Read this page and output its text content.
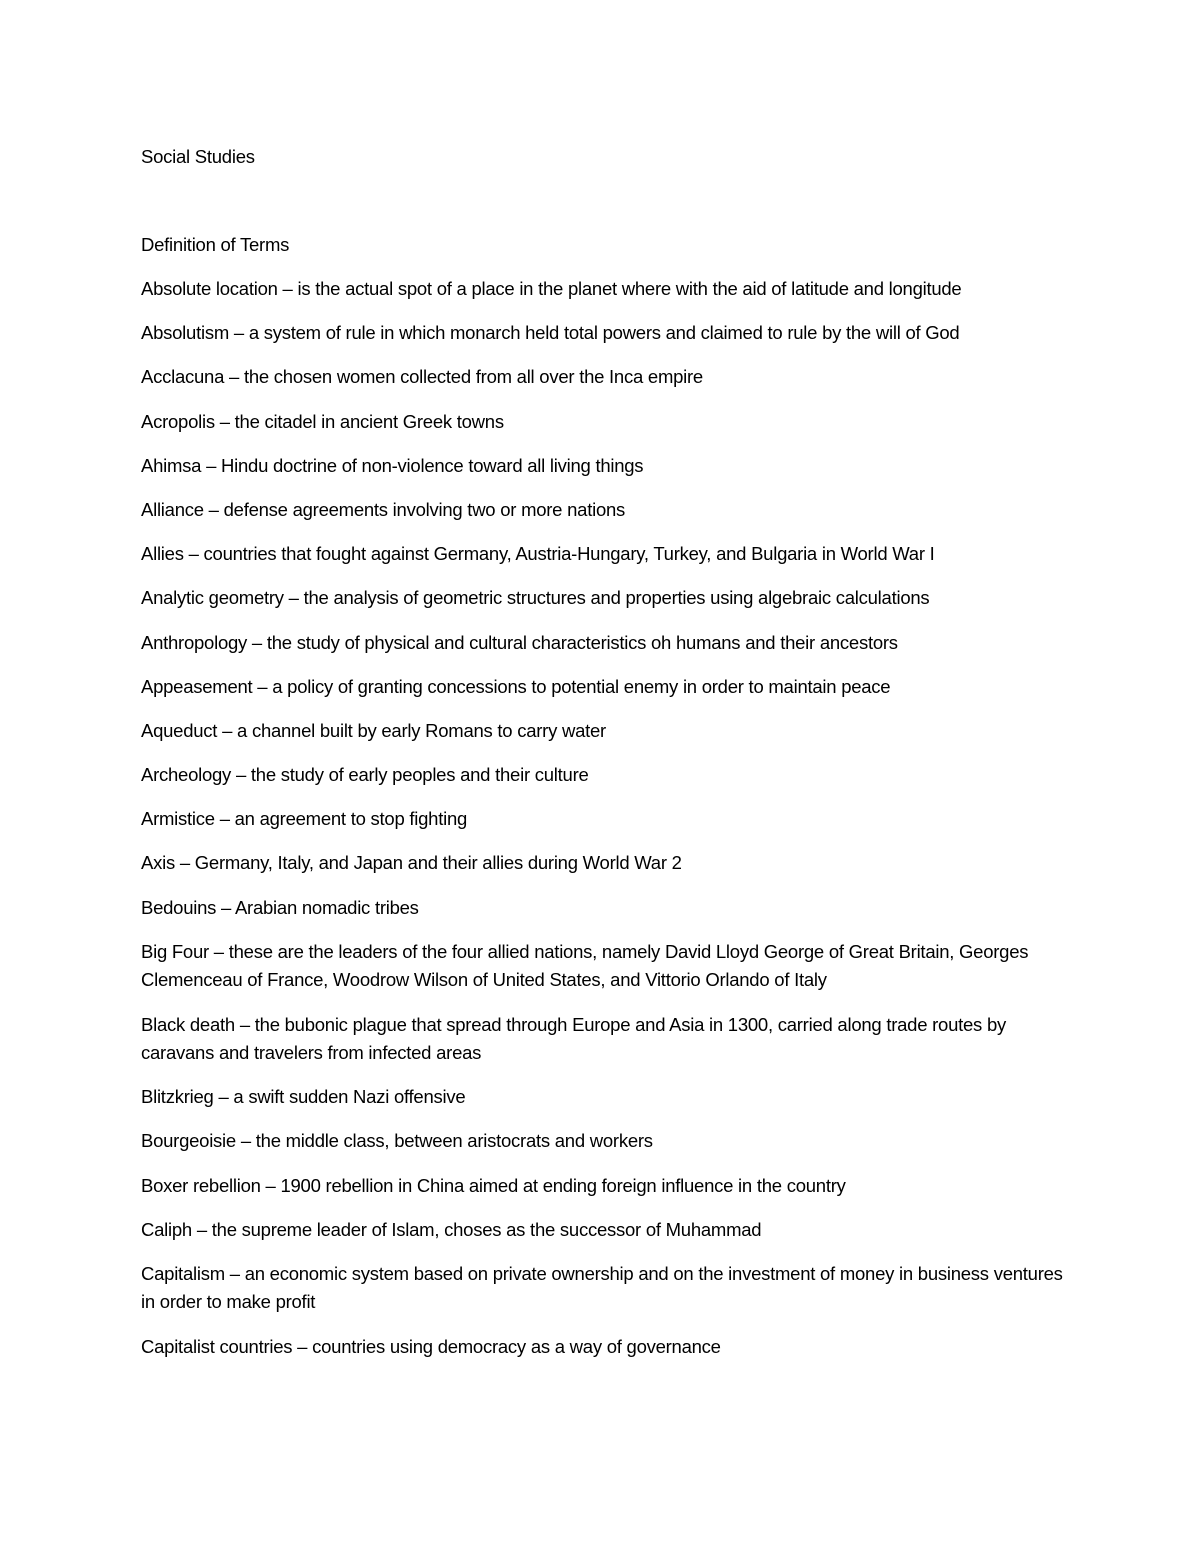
Social Studies
Definition of Terms
Absolute location – is the actual spot of a place in the planet where with the aid of latitude and longitude
Absolutism – a system of rule in which monarch held total powers and claimed to rule by the will of God
Acclacuna – the chosen women collected from all over the Inca empire
Acropolis – the citadel in ancient Greek towns
Ahimsa – Hindu doctrine of non-violence toward all living things
Alliance – defense agreements involving two or more nations
Allies – countries that fought against Germany, Austria-Hungary, Turkey, and Bulgaria in World War I
Analytic geometry – the analysis of geometric structures and properties using algebraic calculations
Anthropology – the study of physical and cultural characteristics oh humans and their ancestors
Appeasement – a policy of granting concessions to potential enemy in order to maintain peace
Aqueduct – a channel built by early Romans to carry water
Archeology – the study of early peoples and their culture
Armistice – an agreement to stop fighting
Axis – Germany, Italy, and Japan and their allies during World War 2
Bedouins – Arabian nomadic tribes
Big Four – these are the leaders of the four allied nations, namely David Lloyd George of Great Britain, Georges Clemenceau of France, Woodrow Wilson of United States, and Vittorio Orlando of Italy
Black death – the bubonic plague that spread through Europe and Asia in 1300, carried along trade routes by caravans and travelers from infected areas
Blitzkrieg – a swift sudden Nazi offensive
Bourgeoisie – the middle class, between aristocrats and workers
Boxer rebellion – 1900 rebellion in China aimed at ending foreign influence in the country
Caliph – the supreme leader of Islam, choses as the successor of Muhammad
Capitalism – an economic system based on private ownership and on the investment of money in business ventures in order to make profit
Capitalist countries – countries using democracy as a way of governance
